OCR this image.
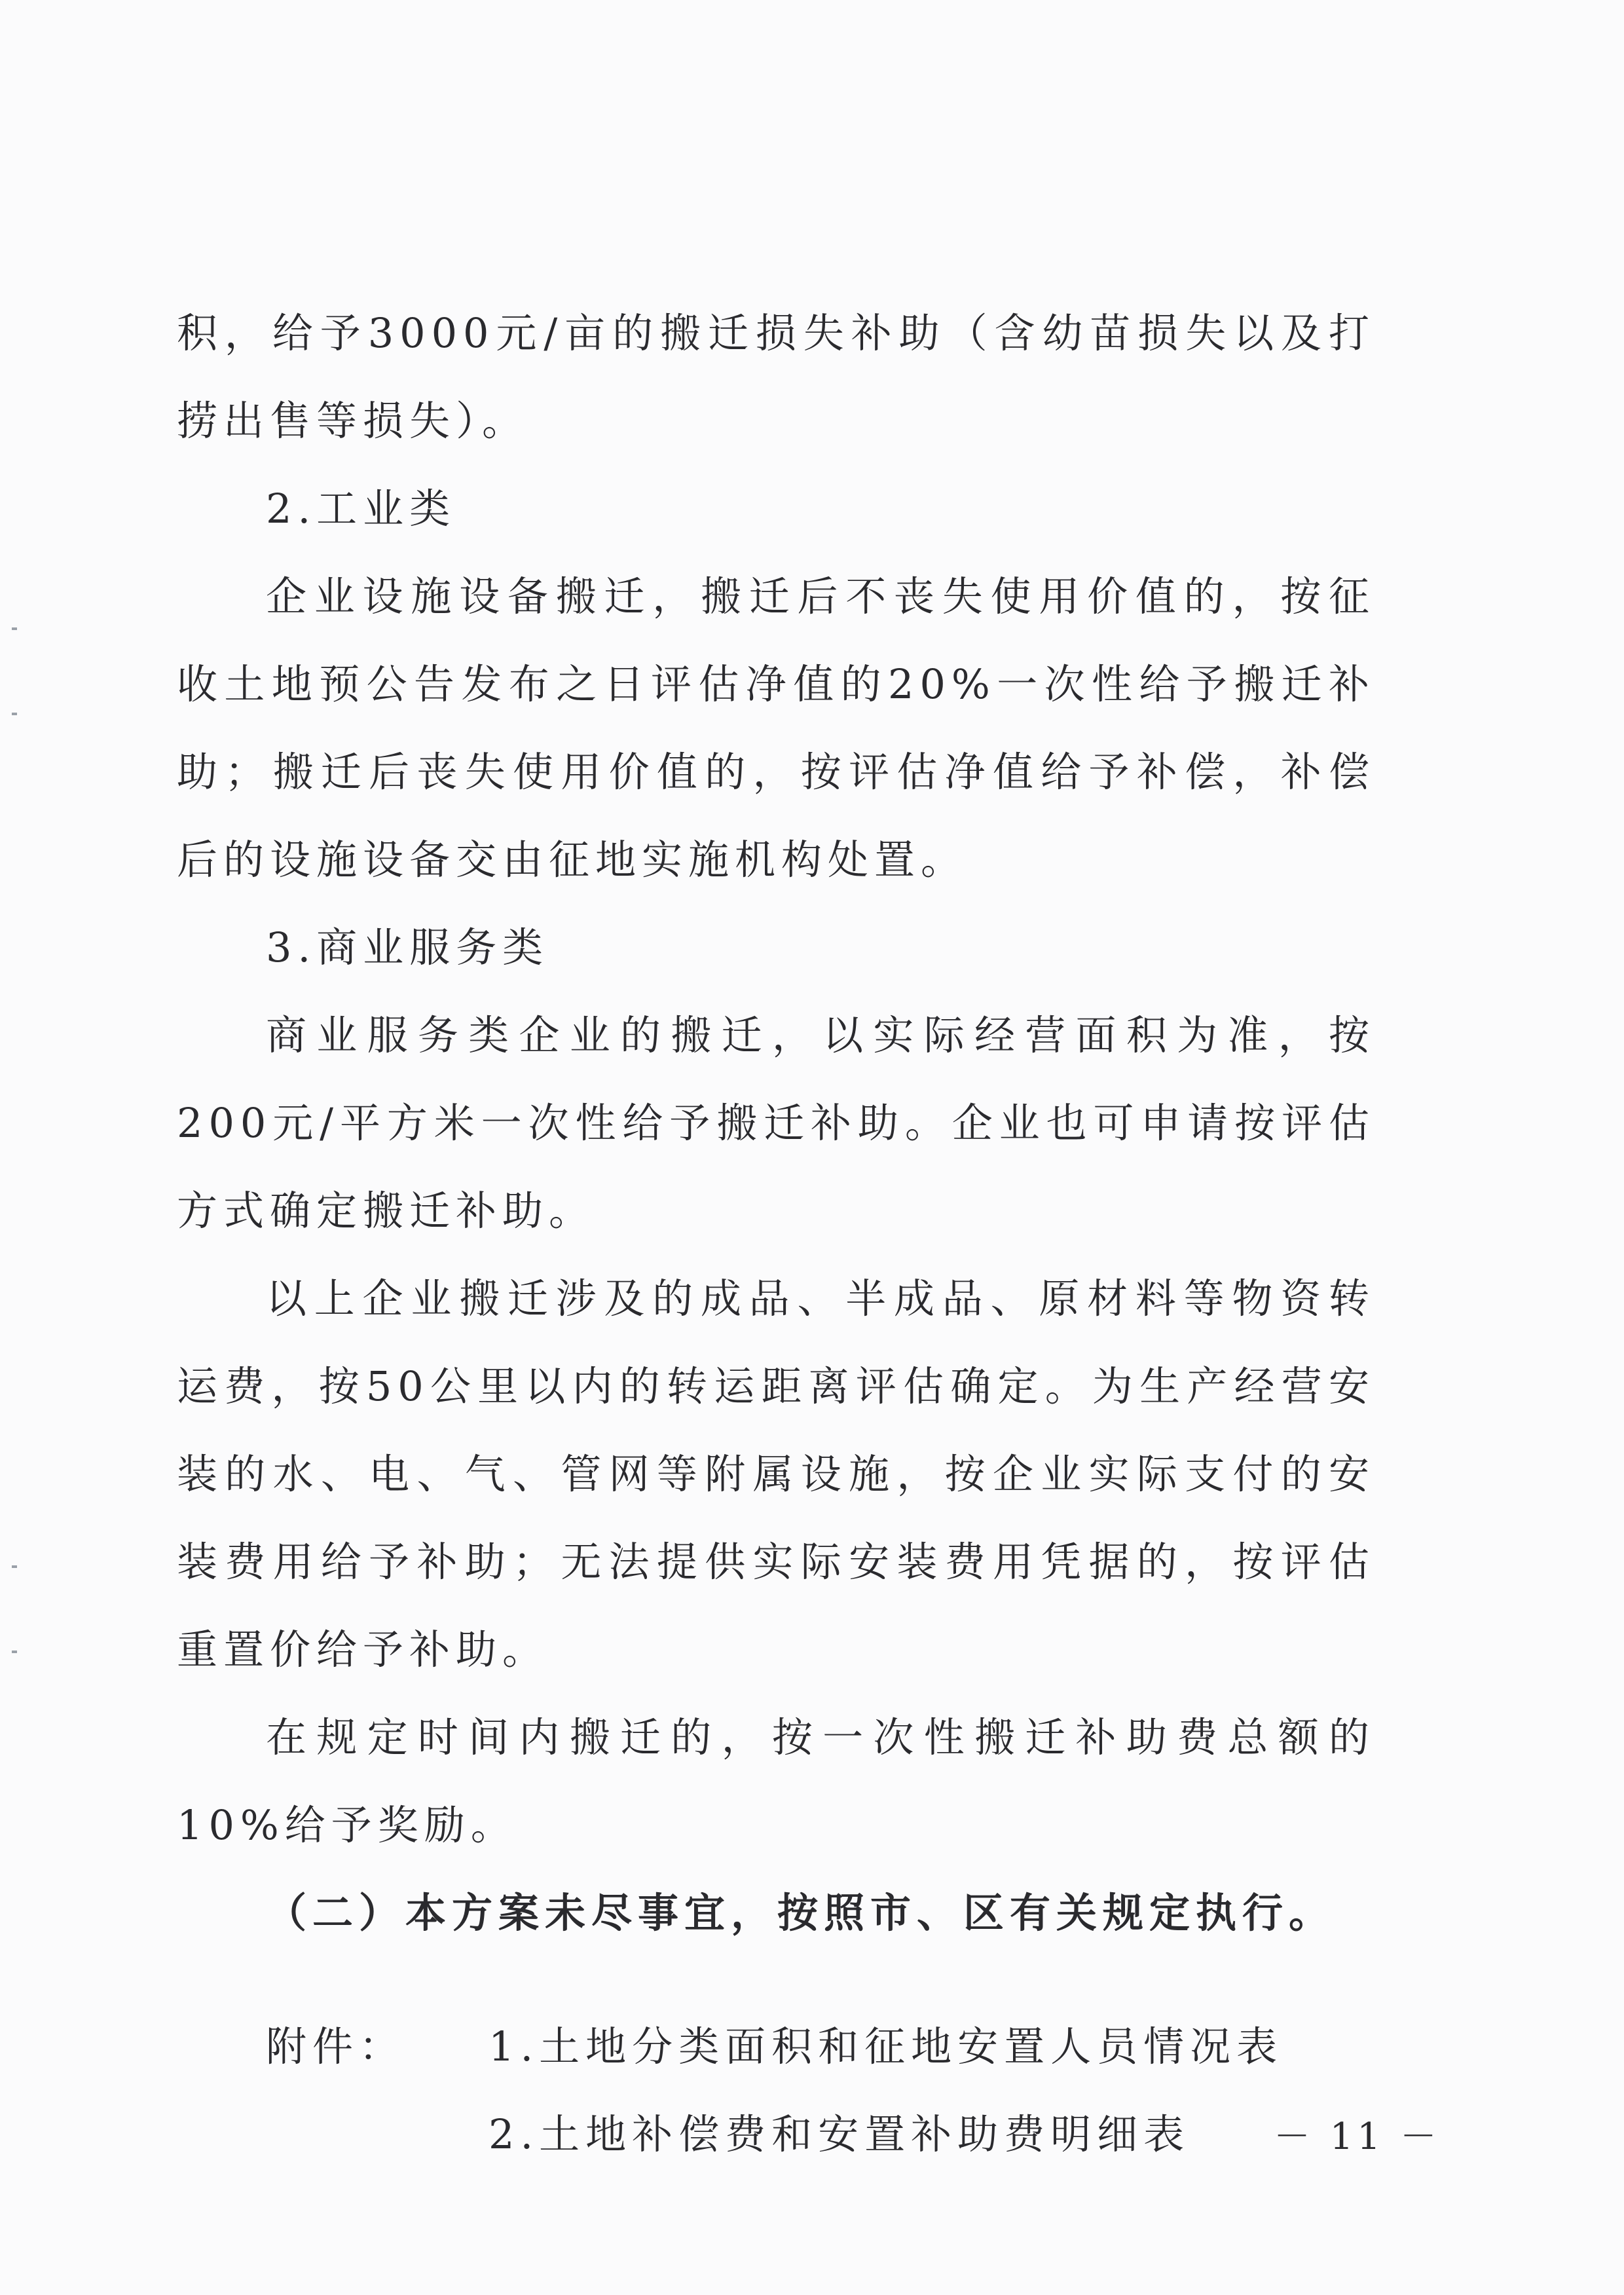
积，给予3000元/亩的搬迁损失补助（含幼苗损失以及打捞出售等损失）。

2.工业类

企业设施设备搬迁，搬迁后不丧失使用价值的，按征收土地预公告发布之日评估净值的20%一次性给予搬迁补助；搬迁后丧失使用价值的，按评估净值给予补偿，补偿后的设施设备交由征地实施机构处置。

3.商业服务类

商业服务类企业的搬迁，以实际经营面积为准，按200元/平方米一次性给予搬迁补助。企业也可申请按评估方式确定搬迁补助。

以上企业搬迁涉及的成品、半成品、原材料等物资转运费，按50公里以内的转运距离评估确定。为生产经营安装的水、电、气、管网等附属设施，按企业实际支付的安装费用给予补助；无法提供实际安装费用凭据的，按评估重置价给予补助。

在规定时间内搬迁的，按一次性搬迁补助费总额的10%给予奖励。

（二）本方案未尽事宜，按照市、区有关规定执行。

附件：	1.土地分类面积和征地安置人员情况表
2.土地补偿费和安置补助费明细表 － 11 －
